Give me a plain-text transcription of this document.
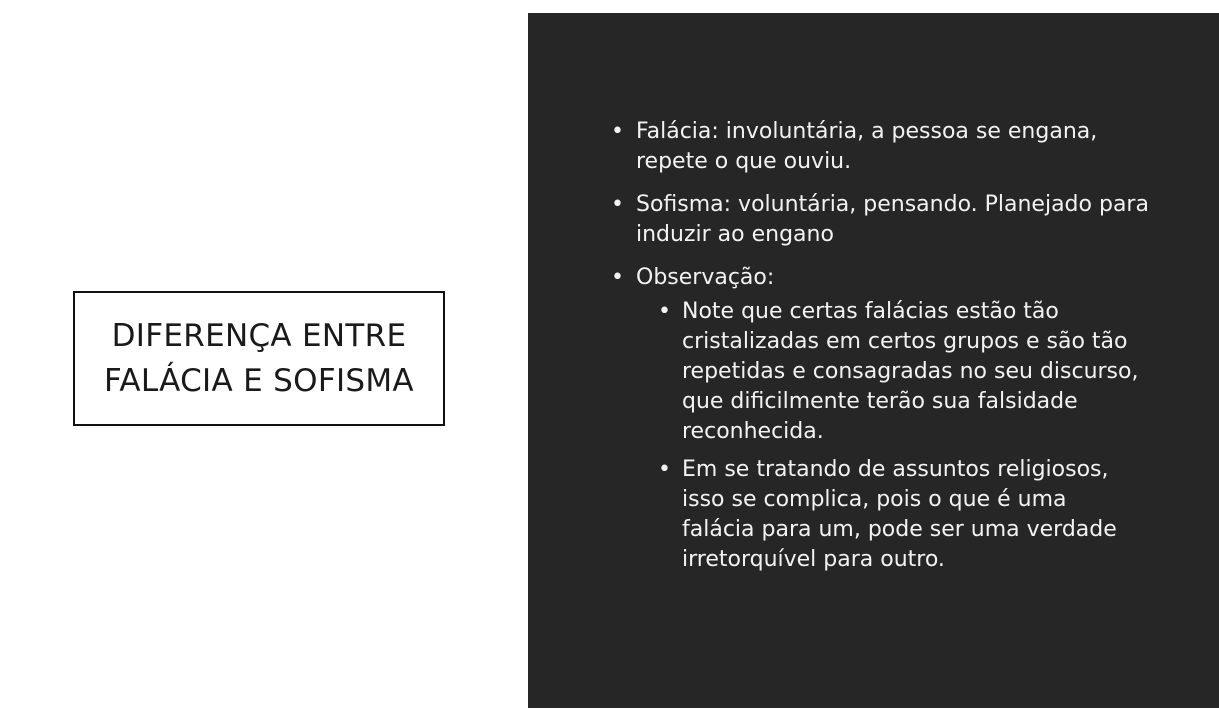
DIFERENÇA ENTRE
FALÁCIA E SOFISMA
• Falácia: involuntária, a pessoa se engana, repete o que ouviu.
• Sofisma: voluntária, pensando. Planejado para induzir ao engano
• Observação:
• Note que certas falácias estão tão cristalizadas em certos grupos e são tão repetidas e consagradas no seu discurso, que dificilmente terão sua falsidade reconhecida.
• Em se tratando de assuntos religiosos, isso se complica, pois o que é uma falácia para um, pode ser uma verdade irretorquível para outro.
